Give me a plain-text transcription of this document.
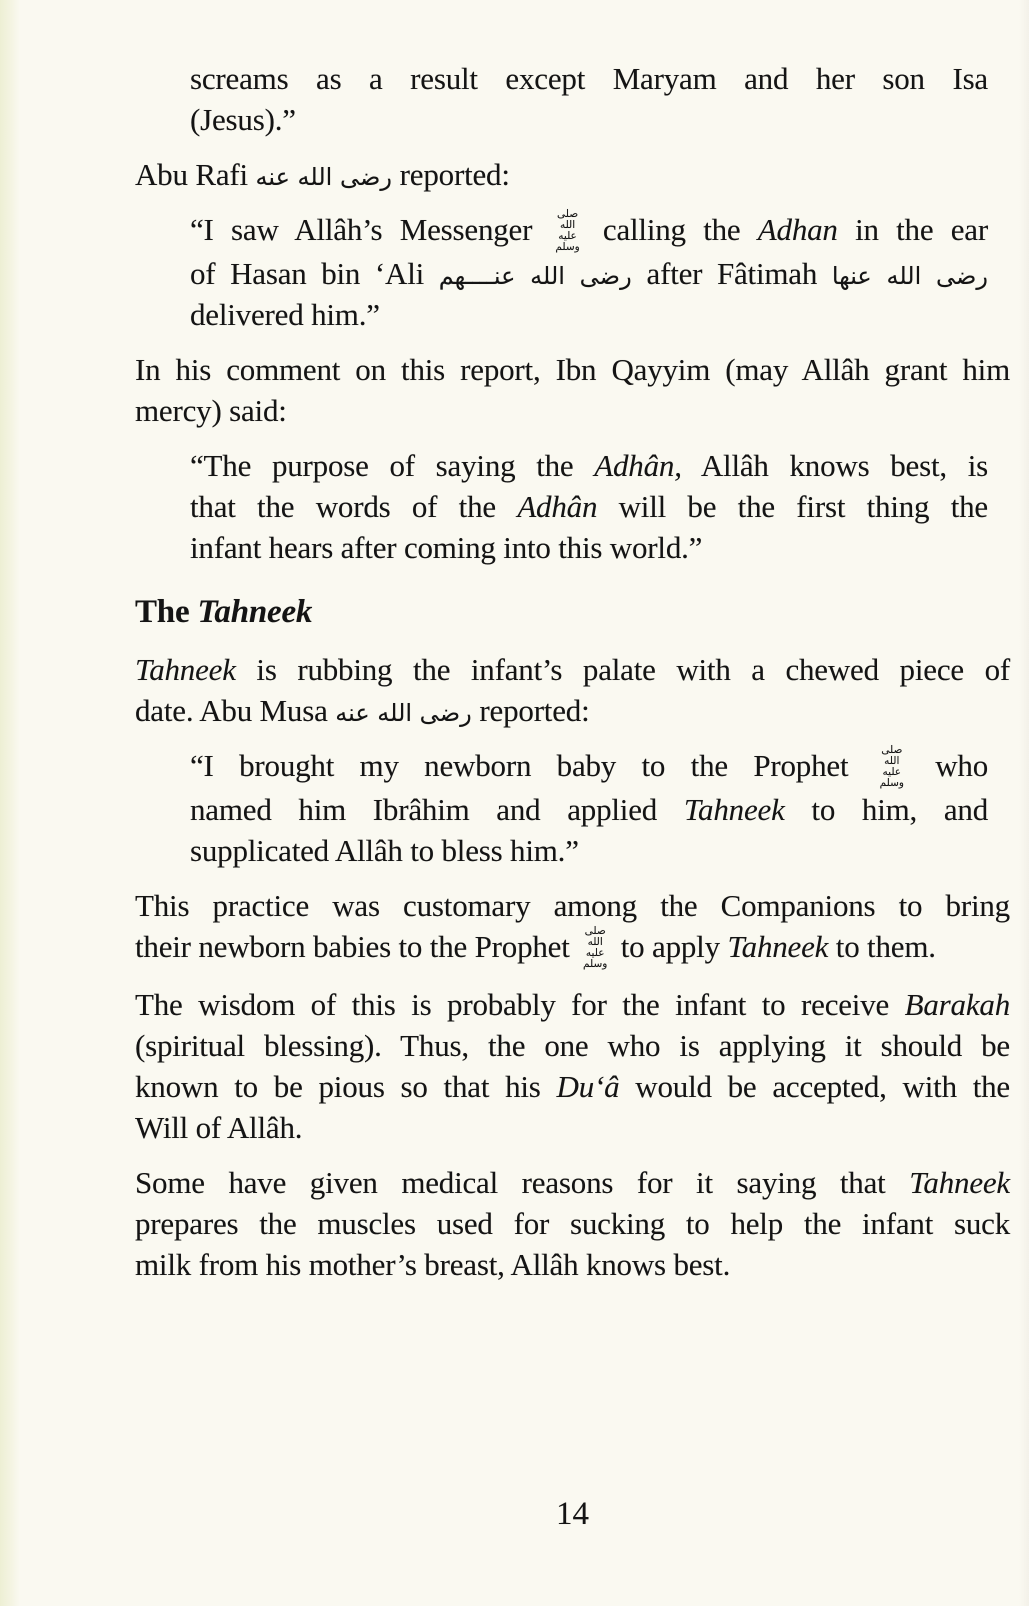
screams as a result except Maryam and her son Isa
(Jesus).”
Abu Rafi رضى الله عنه reported:
“I saw Allâh’s Messenger صلى الله عليه وسلم calling the Adhan in the ear
of Hasan bin ‘Ali رضى الله عنــــهم after Fâtimah رضى الله عنها
delivered him.”
In his comment on this report, Ibn Qayyim (may Allâh grant him
mercy) said:
“The purpose of saying the Adhân, Allâh knows best, is
that the words of the Adhân will be the first thing the
infant hears after coming into this world.”
The Tahneek
Tahneek is rubbing the infant’s palate with a chewed piece of
date. Abu Musa رضى الله عنه reported:
“I brought my newborn baby to the Prophet صلى الله عليه وسلم who
named him Ibrâhim and applied Tahneek to him, and
supplicated Allâh to bless him.”
This practice was customary among the Companions to bring
their newborn babies to the Prophet صلى الله عليه وسلم to apply Tahneek to them.
The wisdom of this is probably for the infant to receive Barakah
(spiritual blessing). Thus, the one who is applying it should be
known to be pious so that his Du‘â would be accepted, with the
Will of Allâh.
Some have given medical reasons for it saying that Tahneek
prepares the muscles used for sucking to help the infant suck
milk from his mother’s breast, Allâh knows best.
14
